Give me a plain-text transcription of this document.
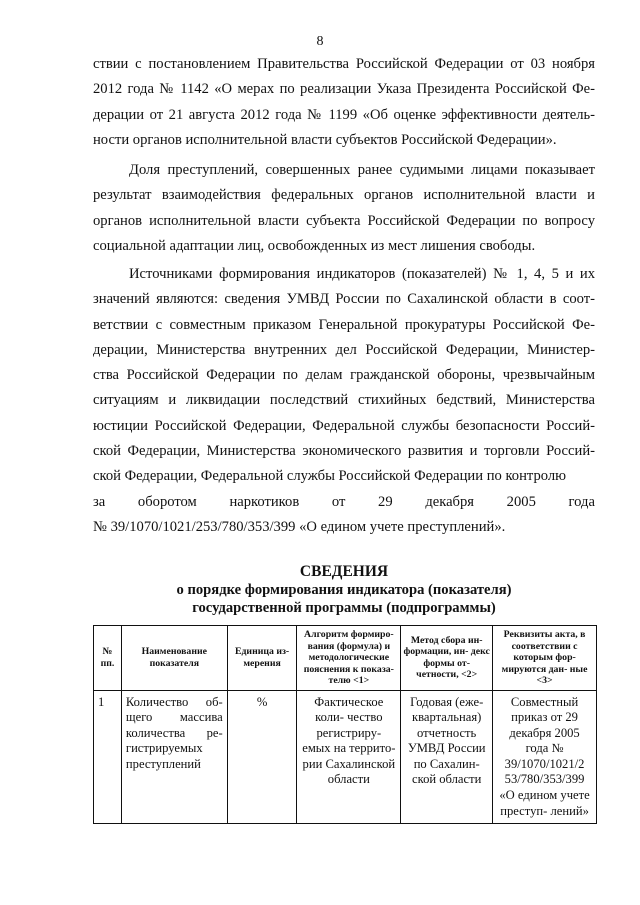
8

ствии с постановлением Правительства Российской Федерации от 03 ноября 2012 года № 1142 «О мерах по реализации Указа Президента Российской Фе- дерации от 21 августа 2012 года № 1199 «Об оценке эффективности деятель- ности органов исполнительной власти субъектов Российской Федерации».

Доля преступлений, совершенных ранее судимыми лицами показывает результат взаимодействия федеральных органов исполнительной власти и органов исполнительной власти субъекта Российской Федерации по вопросу социальной адаптации лиц, освобожденных из мест лишения свободы.

Источниками формирования индикаторов (показателей) № 1, 4, 5 и их значений являются: сведения УМВД России по Сахалинской области в соот- ветствии с совместным приказом Генеральной прокуратуры Российской Фе- дерации, Министерства внутренних дел Российской Федерации, Министер- ства Российской Федерации по делам гражданской обороны, чрезвычайным ситуациям и ликвидации последствий стихийных бедствий, Министерства юстиции Российской Федерации, Федеральной службы безопасности Россий- ской Федерации, Министерства экономического развития и торговли Россий- ской Федерации, Федеральной службы Российской Федерации по контролю
за оборотом наркотиков от 29 декабря 2005 года
№ 39/1070/1021/253/780/353/399 «О едином учете преступлений».
СВЕДЕНИЯ
о порядке формирования индикатора (показателя)
государственной программы (подпрограммы)
№ пп.	Наименование показателя	Единица из- мерения	Алгоритм формиро- вания (формула) и методологические пояснения к показа- телю <1>	Метод сбора ин- формации, ин- декс формы от- четности, <2>	Реквизиты акта, в соответствии с которым фор- мируются дан- ные <3>
1	Количество об- щего массива количества ре- гистрируемых преступлений	%	Фактическое коли- чество регистриру- емых на террито- рии Сахалинской области	Годовая (еже- квартальная) отчетность УМВД России по Сахалин- ской области	Совместный приказ от 29 декабря 2005 года № 39/1070/1021/2 53/780/353/399 «О едином учете преступ- лений»
